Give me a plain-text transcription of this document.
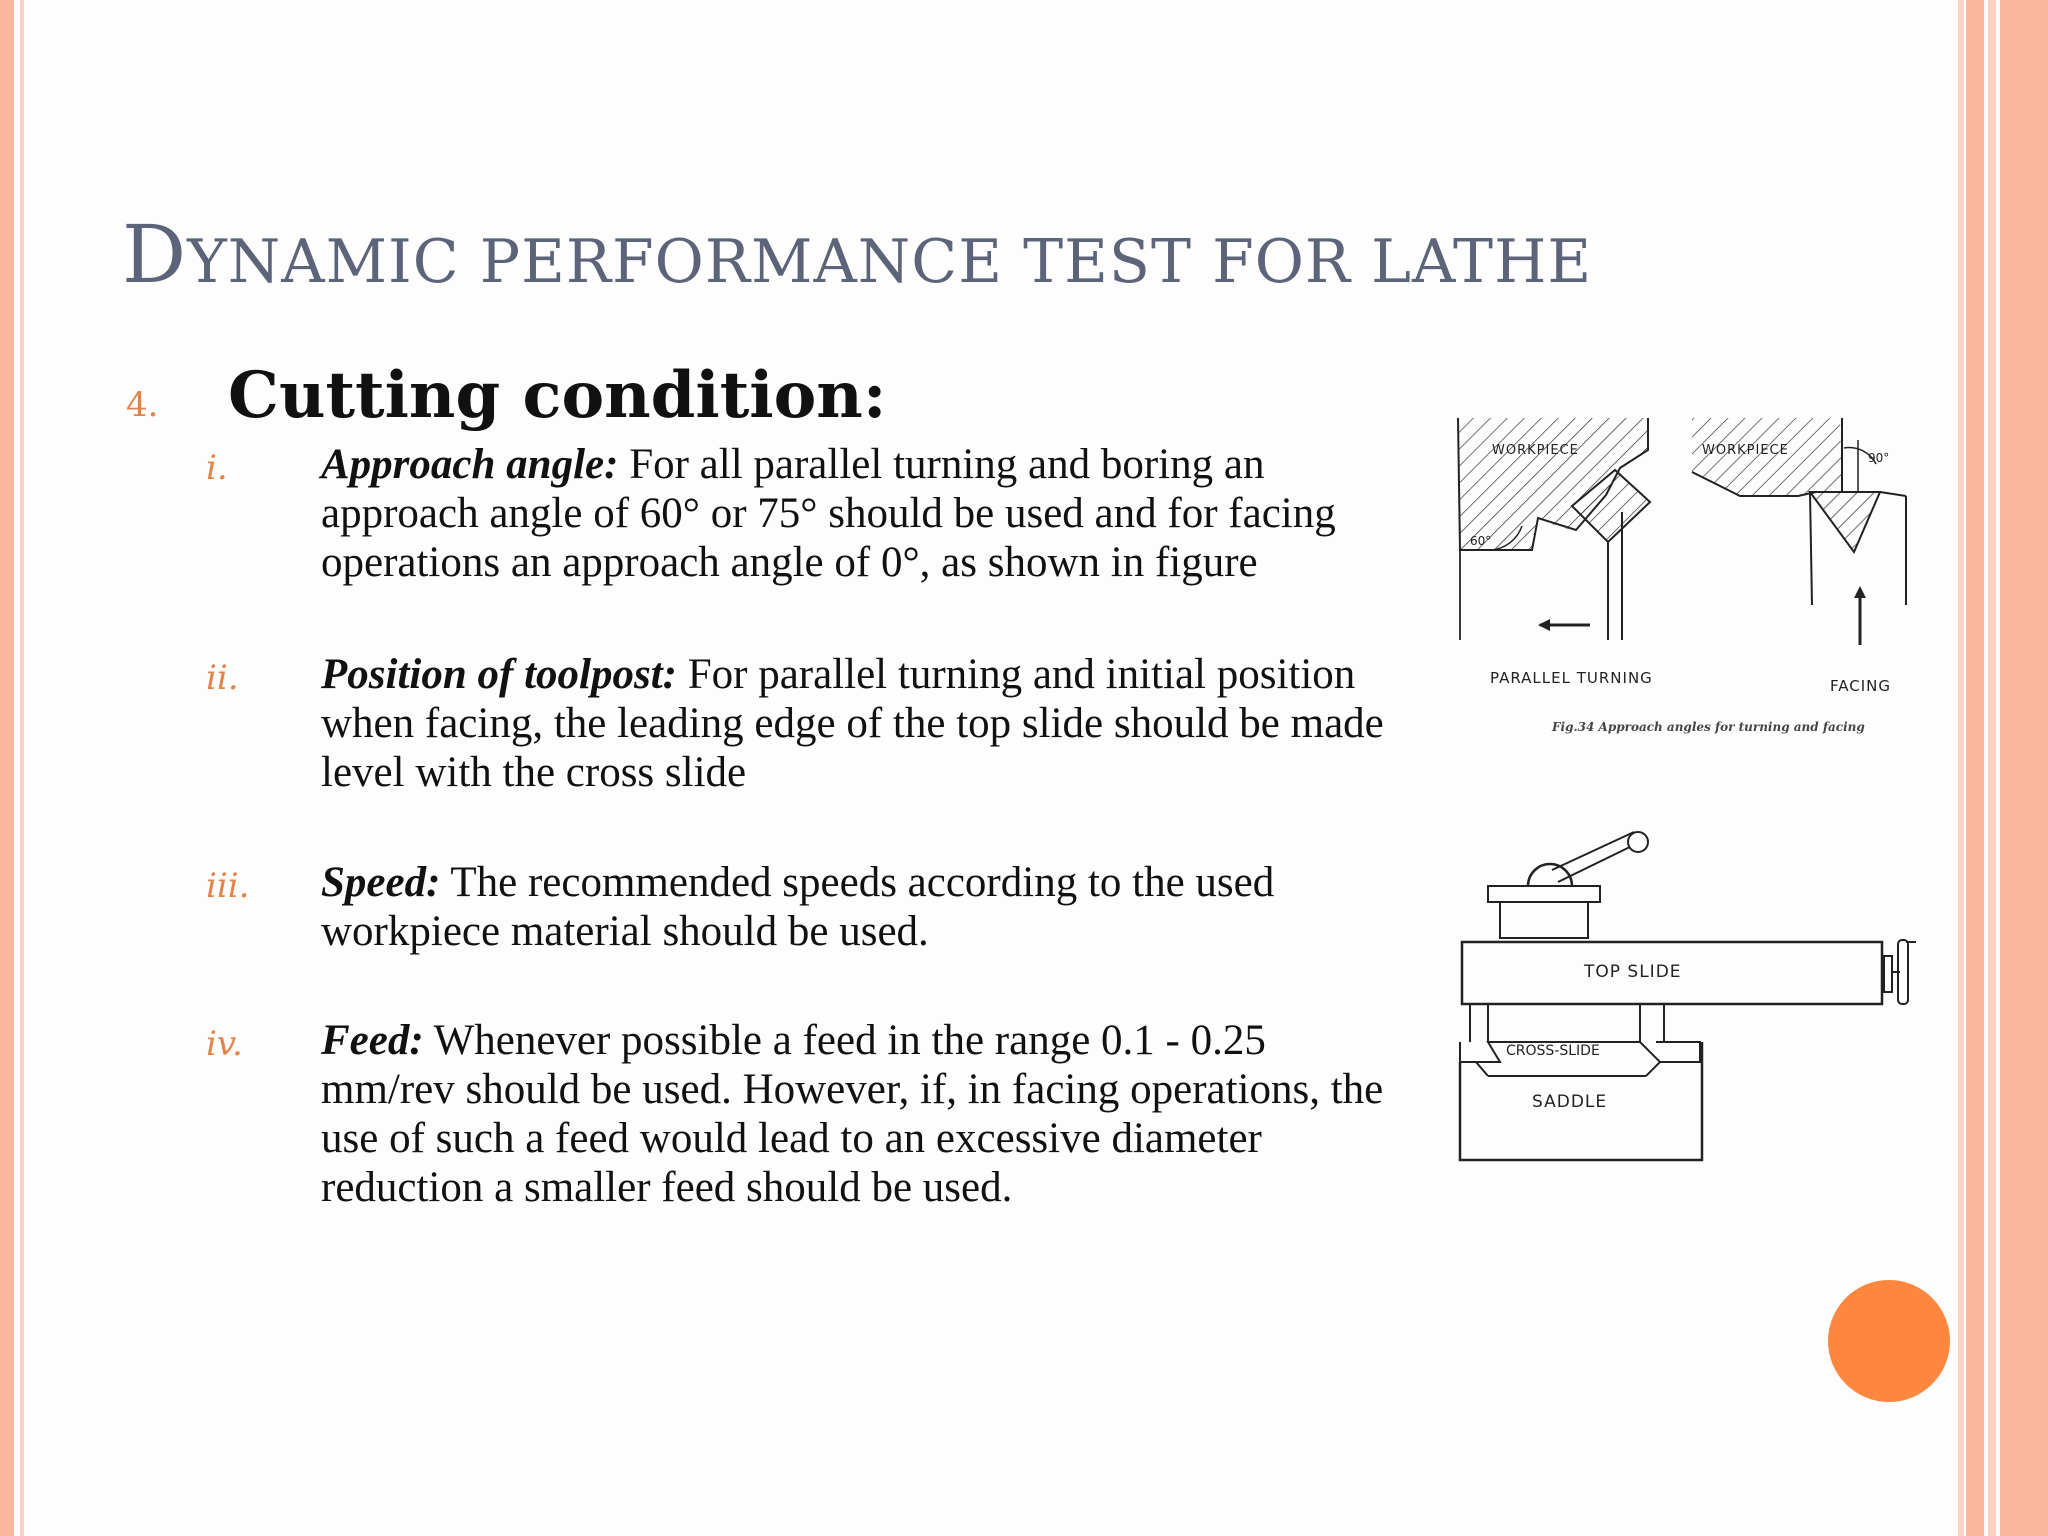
DYNAMIC PERFORMANCE TEST FOR LATHE
4. Cutting condition:
i. Approach angle: For all parallel turning and boring an approach angle of 60° or 75° should be used and for facing operations an approach angle of 0°, as shown in figure
ii. Position of toolpost: For parallel turning and initial position when facing, the leading edge of the top slide should be made level with the cross slide
iii. Speed: The recommended speeds according to the used workpiece material should be used.
iv. Feed: Whenever possible a feed in the range 0.1 - 0.25 mm/rev should be used. However, if, in facing operations, the use of such a feed would lead to an excessive diameter reduction a smaller feed should be used.
WORKPIECE
60°
WORKPIECE	90°
PARALLEL TURNING	FACING
Fig.34 Approach angles for turning and facing
TOP SLIDE
CROSS-SLIDE
SADDLE
